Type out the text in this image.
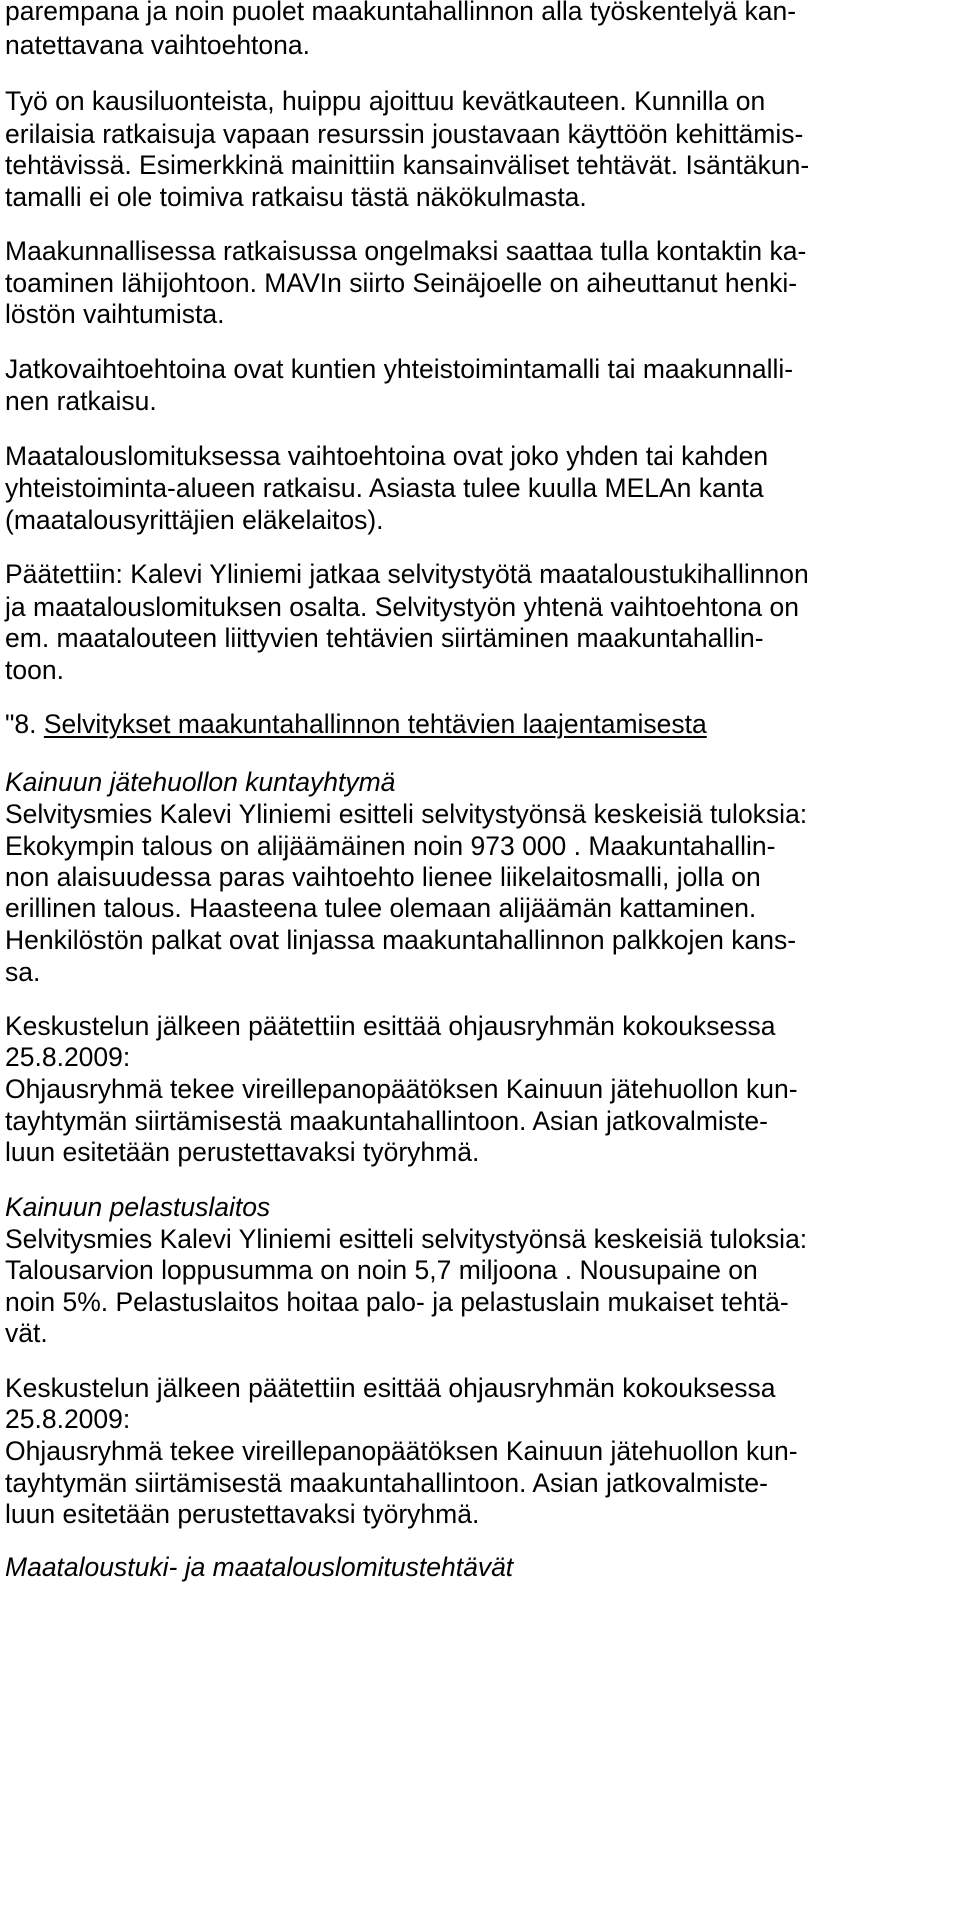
parempana ja noin puolet maakuntahallinnon alla työskentelyä kan-

natettavana vaihtoehtona.

Työ on kausiluonteista, huippu ajoittuu kevätkauteen. Kunnilla on

erilaisia ratkaisuja vapaan resurssin joustavaan käyttöön kehittämis-

tehtävissä. Esimerkkinä mainittiin kansainväliset tehtävät. Isäntäkun-

tamalli ei ole toimiva ratkaisu tästä näkökulmasta.

Maakunnallisessa ratkaisussa ongelmaksi saattaa tulla kontaktin ka-

toaminen lähijohtoon. MAVIn siirto Seinäjoelle on aiheuttanut henki-

löstön vaihtumista.

Jatkovaihtoehtoina ovat kuntien yhteistoimintamalli tai maakunnalli-

nen ratkaisu.

Maatalouslomituksessa vaihtoehtoina ovat joko yhden tai kahden

yhteistoiminta-alueen ratkaisu. Asiasta tulee kuulla MELAn kanta

(maatalousyrittäjien eläkelaitos).

Päätettiin: Kalevi Yliniemi jatkaa selvitystyötä maataloustukihallinnon

ja maatalouslomituksen osalta. Selvitystyön yhtenä vaihtoehtona on

em. maatalouteen liittyvien tehtävien siirtäminen maakuntahallin-

toon.

"8. Selvitykset maakuntahallinnon tehtävien laajentamisesta

Kainuun jätehuollon kuntayhtymä

Selvitysmies Kalevi Yliniemi esitteli selvitystyönsä keskeisiä tuloksia:

Ekokympin talous on alijäämäinen noin 973 000 . Maakuntahallin-

non alaisuudessa paras vaihtoehto lienee liikelaitosmalli, jolla on

erillinen talous. Haasteena tulee olemaan alijäämän kattaminen.

Henkilöstön palkat ovat linjassa maakuntahallinnon palkkojen kans-

sa.

Keskustelun jälkeen päätettiin esittää ohjausryhmän kokouksessa

25.8.2009:

Ohjausryhmä tekee vireillepanopäätöksen Kainuun jätehuollon kun-

tayhtymän siirtämisestä maakuntahallintoon. Asian jatkovalmiste-

luun esitetään perustettavaksi työryhmä.

Kainuun pelastuslaitos

Selvitysmies Kalevi Yliniemi esitteli selvitystyönsä keskeisiä tuloksia:

Talousarvion loppusumma on noin 5,7 miljoona . Nousupaine on

noin 5%. Pelastuslaitos hoitaa palo- ja pelastuslain mukaiset tehtä-

vät.

Keskustelun jälkeen päätettiin esittää ohjausryhmän kokouksessa

25.8.2009:

Ohjausryhmä tekee vireillepanopäätöksen Kainuun jätehuollon kun-

tayhtymän siirtämisestä maakuntahallintoon. Asian jatkovalmiste-

luun esitetään perustettavaksi työryhmä.

Maataloustuki- ja maatalouslomitustehtävät
